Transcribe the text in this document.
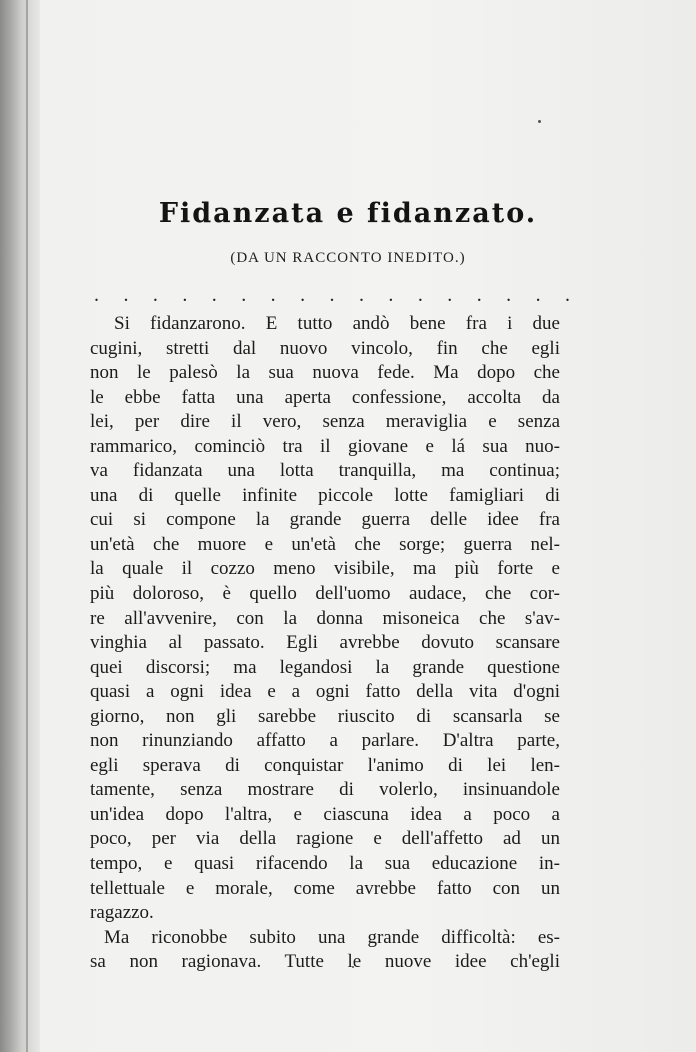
Fidanzata e fidanzato.
(DA UN RACCONTO INEDITO.)
. . . . . . . . . . . . . . . . .
Si fidanzarono. E tutto andò bene fra i due
cugini, stretti dal nuovo vincolo, fin che egli
non le palesò la sua nuova fede. Ma dopo che
le ebbe fatta una aperta confessione, accolta da
lei, per dire il vero, senza meraviglia e senza
rammarico, cominciò tra il giovane e lá sua nuo-
va fidanzata una lotta tranquilla, ma continua;
una di quelle infinite piccole lotte famigliari di
cui si compone la grande guerra delle idee fra
un'età che muore e un'età che sorge; guerra nel-
la quale il cozzo meno visibile, ma più forte e
più doloroso, è quello dell'uomo audace, che cor-
re all'avvenire, con la donna misoneica che s'av-
vinghia al passato. Egli avrebbe dovuto scansare
quei discorsi; ma legandosi la grande questione
quasi a ogni idea e a ogni fatto della vita d'ogni
giorno, non gli sarebbe riuscito di scansarla se
non rinunziando affatto a parlare. D'altra parte,
egli sperava di conquistar l'animo di lei len-
tamente, senza mostrare di volerlo, insinuandole
un'idea dopo l'altra, e ciascuna idea a poco a
poco, per via della ragione e dell'affetto ad un
tempo, e quasi rifacendo la sua educazione in-
tellettuale e morale, come avrebbe fatto con un
ragazzo.
Ma riconobbe subito una grande difficoltà: es-
sa non ragionava. Tutte le nuove idee ch'egli
